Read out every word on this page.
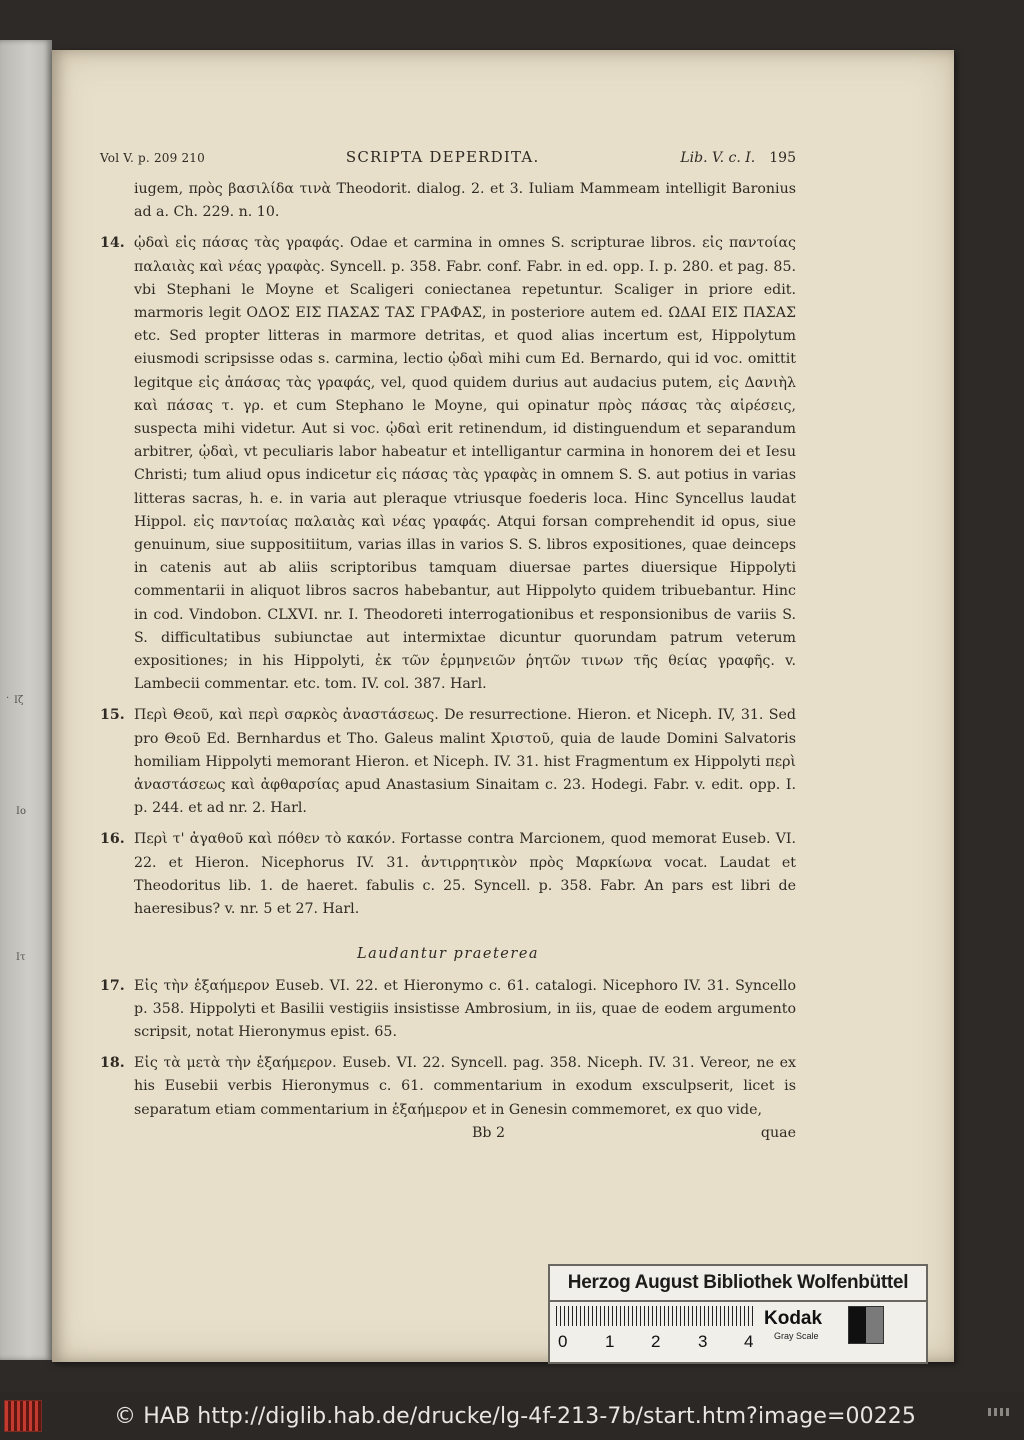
. Ιζ
Ιο
Ιτ
Vol V. p. 209 210	SCRIPTA DEPERDITA.	Lib. V. c. I. 195

iugem, πρὸς βασιλίδα τινὰ Theodorit. dialog. 2. et 3. Iuliam Mammeam intelligit Baronius ad a. Ch. 229. n. 10.

14. ᾠδαὶ εἰς πάσας τὰς γραφάς. Odae et carmina in omnes S. scripturae libros. εἰς παντοίας παλαιὰς καὶ νέας γραφὰς. Syncell. p. 358. Fabr. conf. Fabr. in ed. opp. I. p. 280. et pag. 85. vbi Stephani le Moyne et Scaligeri coniectanea repetuntur. Scaliger in priore edit. marmoris legit ΟΔΟΣ ΕΙΣ ΠΑΣΑΣ ΤΑΣ ΓΡΑΦΑΣ, in posteriore autem ed. ΩΔΑΙ ΕΙΣ ΠΑΣΑΣ etc. Sed propter litteras in marmore detritas, et quod alias incertum est, Hippolytum eiusmodi scripsisse odas s. carmina, lectio ᾠδαὶ mihi cum Ed. Bernardo, qui id voc. omittit legitque εἰς ἁπάσας τὰς γραφάς, vel, quod quidem durius aut audacius putem, εἰς Δανιὴλ καὶ πάσας τ. γρ. et cum Stephano le Moyne, qui opinatur πρὸς πάσας τὰς αἱρέσεις, suspecta mihi videtur. Aut si voc. ᾠδαὶ erit retinendum, id distinguendum et separandum arbitrer, ᾠδαὶ, vt peculiaris labor habeatur et intelligantur carmina in honorem dei et Iesu Christi; tum aliud opus indicetur εἰς πάσας τὰς γραφὰς in omnem S. S. aut potius in varias litteras sacras, h. e. in varia aut pleraque vtriusque foederis loca. Hinc Syncellus laudat Hippol. εἰς παντοίας παλαιὰς καὶ νέας γραφάς. Atqui forsan comprehendit id opus, siue genuinum, siue suppositiitum, varias illas in varios S. S. libros expositiones, quae deinceps in catenis aut ab aliis scriptoribus tamquam diuersae partes diuersique Hippolyti commentarii in aliquot libros sacros habebantur, aut Hippolyto quidem tribuebantur. Hinc in cod. Vindobon. CLXVI. nr. I. Theodoreti interrogationibus et responsionibus de variis S. S. difficultatibus subiunctae aut intermixtae dicuntur quorundam patrum veterum expositiones; in his Hippolyti, ἐκ τῶν ἑρμηνειῶν ῥητῶν τινων τῆς θείας γραφῆς. v. Lambecii commentar. etc. tom. IV. col. 387. Harl.

15. Περὶ Θεοῦ, καὶ περὶ σαρκὸς ἀναστάσεως. De resurrectione. Hieron. et Niceph. IV, 31. Sed pro Θεοῦ Ed. Bernhardus et Tho. Galeus malint Χριστοῦ, quia de laude Domini Salvatoris homiliam Hippolyti memorant Hieron. et Niceph. IV. 31. hist Fragmentum ex Hippolyti περὶ ἀναστάσεως καὶ ἀφθαρσίας apud Anastasium Sinaitam c. 23. Hodegi. Fabr. v. edit. opp. I. p. 244. et ad nr. 2. Harl.

16. Περὶ τ' ἀγαθοῦ καὶ πόθεν τὸ κακόν. Fortasse contra Marcionem, quod memorat Euseb. VI. 22. et Hieron. Nicephorus IV. 31. ἀντιρρητικὸν πρὸς Μαρκίωνα vocat. Laudat et Theodoritus lib. 1. de haeret. fabulis c. 25. Syncell. p. 358. Fabr. An pars est libri de haeresibus? v. nr. 5 et 27. Harl.

Laudantur praeterea

17. Εἰς τὴν ἑξαήμερον Euseb. VI. 22. et Hieronymo c. 61. catalogi. Nicephoro IV. 31. Syncello p. 358. Hippolyti et Basilii vestigiis insistisse Ambrosium, in iis, quae de eodem argumento scripsit, notat Hieronymus epist. 65.

18. Εἰς τὰ μετὰ τὴν ἑξαήμερον. Euseb. VI. 22. Syncell. pag. 358. Niceph. IV. 31. Vereor, ne ex his Eusebii verbis Hieronymus c. 61. commentarium in exodum exsculpserit, licet is separatum etiam commentarium in ἑξαήμερον et in Genesin commemoret, ex quo vide,

Bb 2	quae
Herzog August Bibliothek Wolfenbüttel
0 1 2 3 4
Kodak
Gray Scale
© HAB http://diglib.hab.de/drucke/lg-4f-213-7b/start.htm?image=00225
